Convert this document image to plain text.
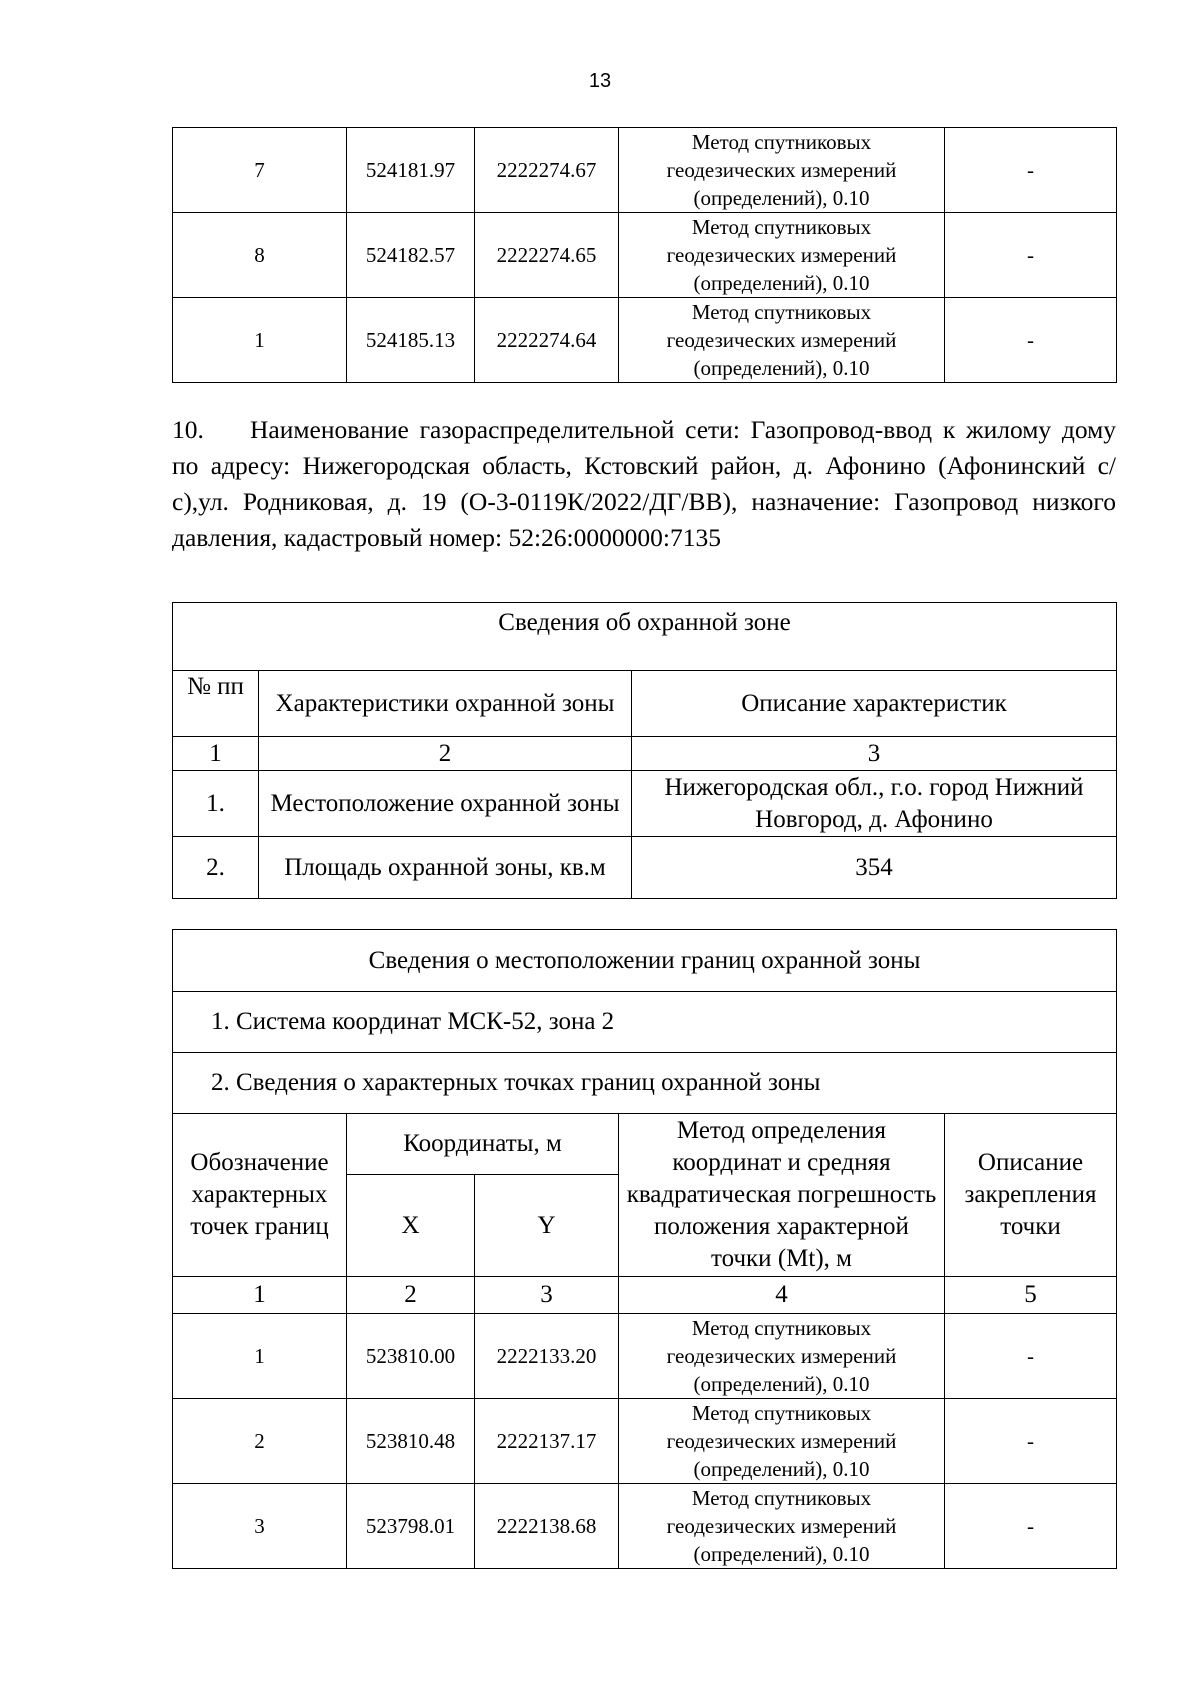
13
7	524181.97	2222274.67	Метод спутниковых
геодезических измерений
(определений), 0.10	-
8	524182.57	2222274.65	Метод спутниковых
геодезических измерений
(определений), 0.10	-
1	524185.13	2222274.64	Метод спутниковых
геодезических измерений
(определений), 0.10	-

10. Наименование газораспределительной сети: Газопровод-ввод к жилому дому по адресу: Нижегородская область, Кстовский район, д. Афонино (Афонинский с/с),ул. Родниковая, д. 19 (О-3-0119К/2022/ДГ/ВВ), назначение: Газопровод низкого давления, кадастровый номер: 52:26:0000000:7135

Сведения об охранной зоне		
№ пп	Характеристики охранной зоны	Описание характеристик
1	2	3
1.	Местоположение охранной зоны	Нижегородская обл., г.о. город Нижний Новгород, д. Афонино
2.	Площадь охранной зоны, кв.м	354
Сведения о местоположении границ охранной зоны				
1. Система координат МСК-52, зона 2				
2. Сведения о характерных точках границ охранной зоны				
Обозначение характерных точек границ	Координаты, м		Метод определения координат и средняя квадратическая погрешность положения характерной точки (Mt), м	Описание закрепления точки
	X	Y		
1	2	3	4	5
1	523810.00	2222133.20	Метод спутниковых
геодезических измерений
(определений), 0.10	-
2	523810.48	2222137.17	Метод спутниковых
геодезических измерений
(определений), 0.10	-
3	523798.01	2222138.68	Метод спутниковых
геодезических измерений
(определений), 0.10	-
